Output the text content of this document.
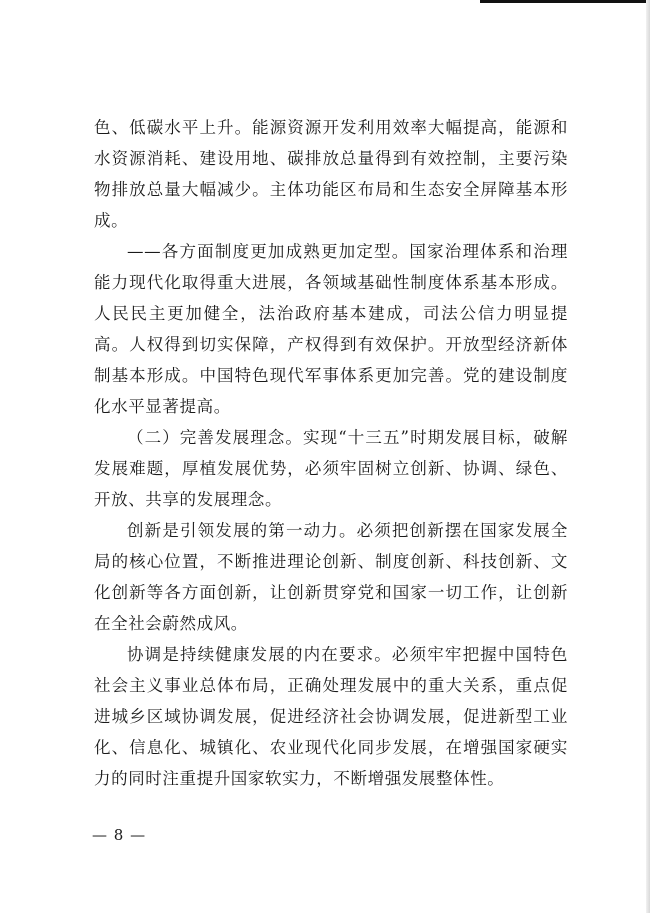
色、低碳水平上升。能源资源开发利用效率大幅提高，能源和水资源消耗、建设用地、碳排放总量得到有效控制，主要污染物排放总量大幅减少。主体功能区布局和生态安全屏障基本形成。

——各方面制度更加成熟更加定型。国家治理体系和治理能力现代化取得重大进展，各领域基础性制度体系基本形成。人民民主更加健全，法治政府基本建成，司法公信力明显提高。人权得到切实保障，产权得到有效保护。开放型经济新体制基本形成。中国特色现代军事体系更加完善。党的建设制度化水平显著提高。

（二）完善发展理念。实现“十三五”时期发展目标，破解发展难题，厚植发展优势，必须牢固树立创新、协调、绿色、开放、共享的发展理念。

创新是引领发展的第一动力。必须把创新摆在国家发展全局的核心位置，不断推进理论创新、制度创新、科技创新、文化创新等各方面创新，让创新贯穿党和国家一切工作，让创新在全社会蔚然成风。

协调是持续健康发展的内在要求。必须牢牢把握中国特色社会主义事业总体布局，正确处理发展中的重大关系，重点促进城乡区域协调发展，促进经济社会协调发展，促进新型工业化、信息化、城镇化、农业现代化同步发展，在增强国家硬实力的同时注重提升国家软实力，不断增强发展整体性。

— 8 —
